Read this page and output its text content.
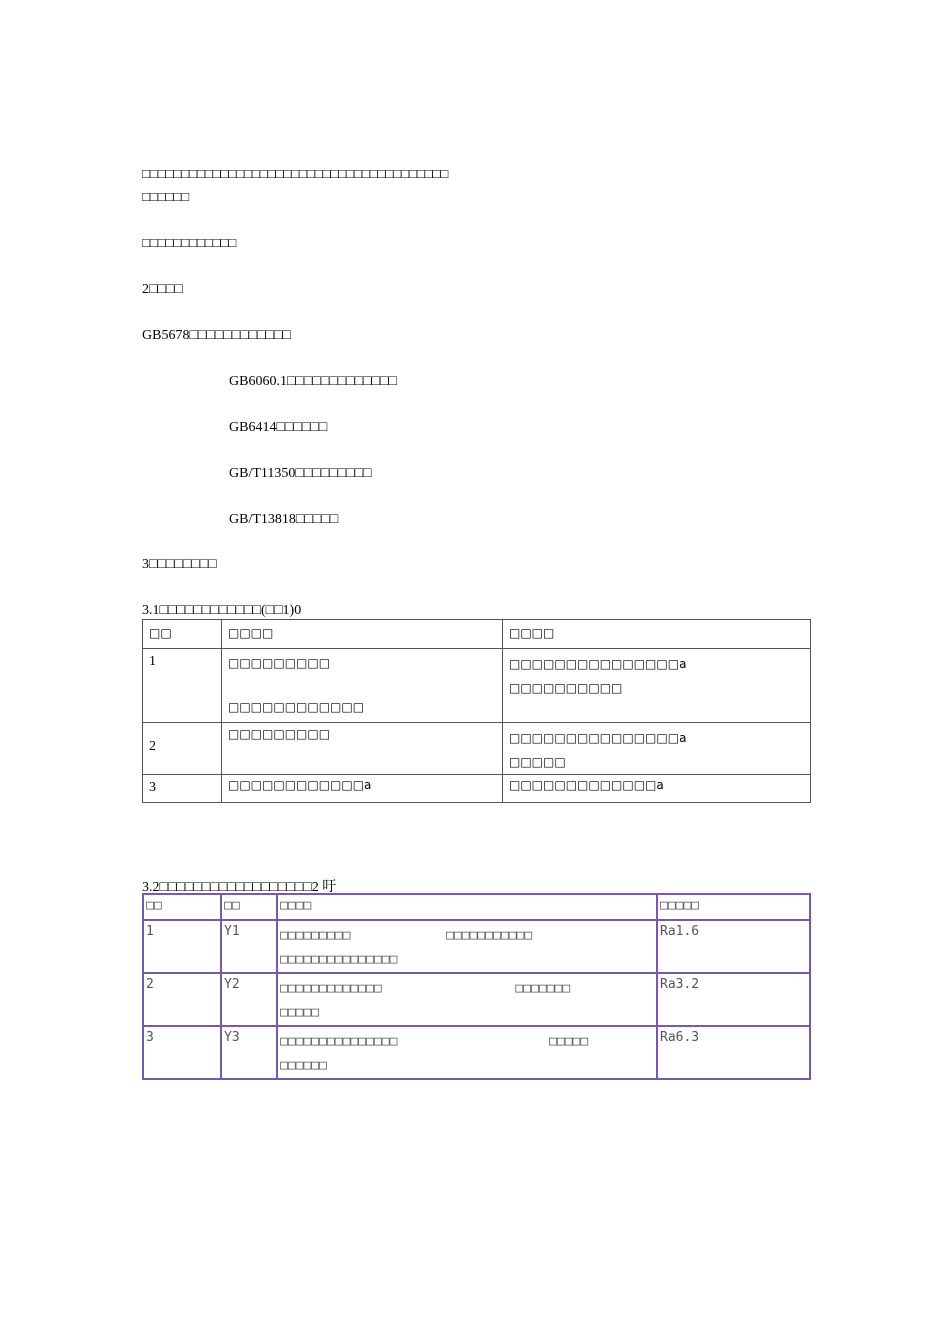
□□□□□□□□□□□□□□□□□□□□□□□□□□□□□□□□□□□□□□□
□□□□□□
□□□□□□□□□□□□
2□□□□
GB5678□□□□□□□□□□□□
GB6060.1□□□□□□□□□□□□□
GB6414□□□□□□
GB/T11350□□□□□□□□□
GB/T13818□□□□□
3□□□□□□□□
3.1□□□□□□□□□□□□(□□1)0
□□	□□□□	□□□□
1	□□□□□□□□□
□□□□□□□□□□□□	□□□□□□□□□□□□□□□a
□□□□□□□□□□

2	□□□□□□□□□	□□□□□□□□□□□□□□□a
□□□□□

3	□□□□□□□□□□□□a	□□□□□□□□□□□□□a
3.2□□□□□□□□□□□□□□□□□□2 吁
□□	□□	□□□□	□□□□□
1	Y1	□□□□□□□□□ □□□□□□□□□□□
□□□□□□□□□□□□□□□	Ra1.6
2	Y2	□□□□□□□□□□□□□ □□□□□□□
□□□□□	Ra3.2
3	Y3	□□□□□□□□□□□□□□□ □□□□□
□□□□□□	Ra6.3
